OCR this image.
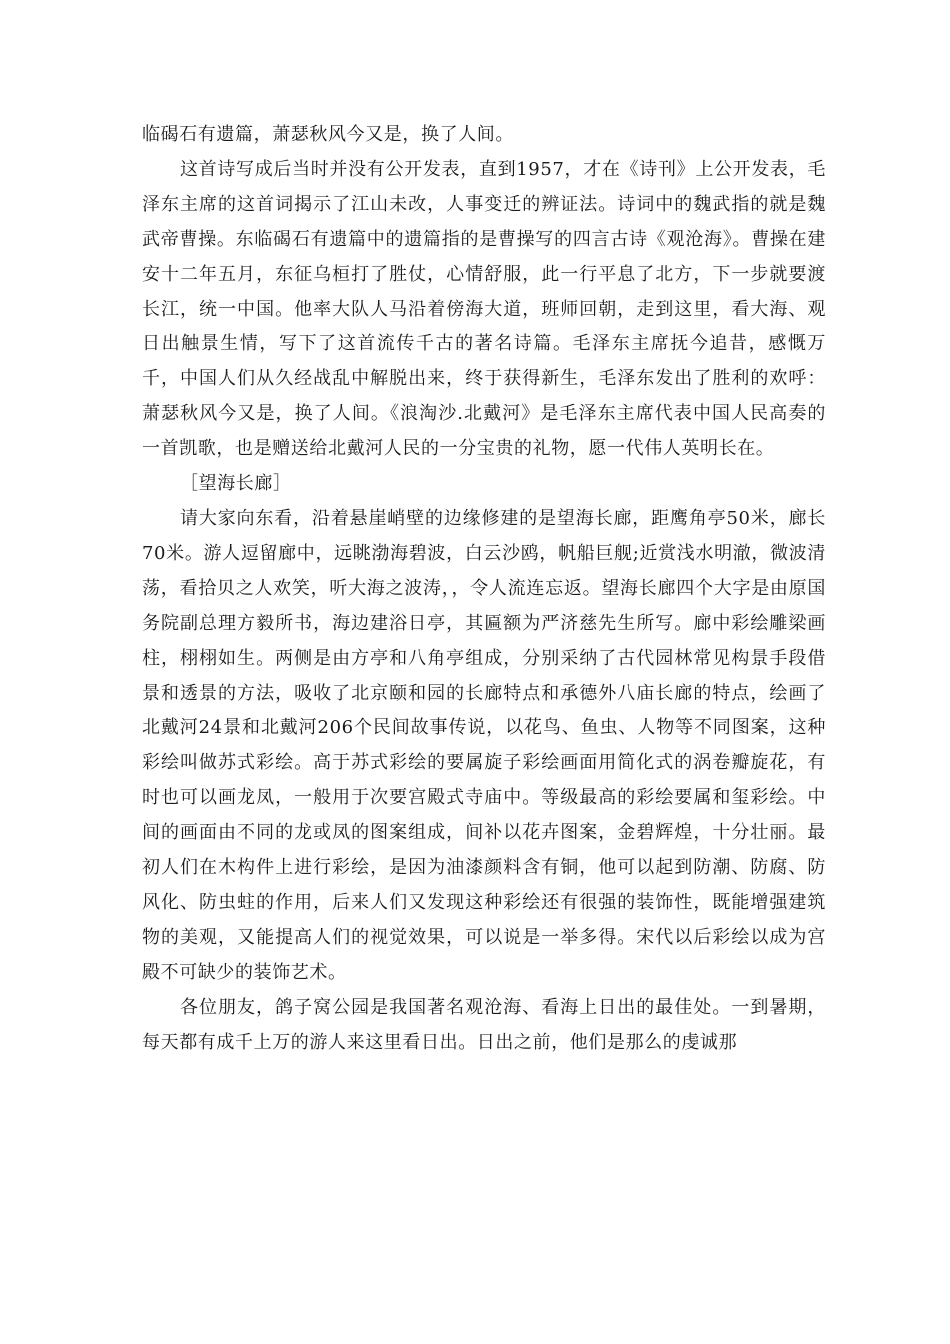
临碣石有遗篇，萧瑟秋风今又是，换了人间。

这首诗写成后当时并没有公开发表，直到1957，才在《诗刊》上公开发表，毛泽东主席的这首词揭示了江山未改，人事变迁的辨证法。诗词中的魏武指的就是魏武帝曹操。东临碣石有遗篇中的遗篇指的是曹操写的四言古诗《观沧海》。曹操在建安十二年五月，东征乌桓打了胜仗，心情舒服，此一行平息了北方，下一步就要渡长江，统一中国。他率大队人马沿着傍海大道，班师回朝，走到这里，看大海、观日出触景生情，写下了这首流传千古的著名诗篇。毛泽东主席抚今追昔，感慨万千，中国人们从久经战乱中解脱出来，终于获得新生，毛泽东发出了胜利的欢呼：萧瑟秋风今又是，换了人间。《浪淘沙.北戴河》是毛泽东主席代表中国人民高奏的一首凯歌，也是赠送给北戴河人民的一分宝贵的礼物，愿一代伟人英明长在。

［望海长廊］

请大家向东看，沿着悬崖峭壁的边缘修建的是望海长廊，距鹰角亭50米，廊长70米。游人逗留廊中，远眺渤海碧波，白云沙鸥，帆船巨舰;近赏浅水明澈，微波清荡，看拾贝之人欢笑，听大海之波涛，，令人流连忘返。望海长廊四个大字是由原国务院副总理方毅所书，海边建浴日亭，其匾额为严济慈先生所写。廊中彩绘雕梁画柱，栩栩如生。两侧是由方亭和八角亭组成，分别采纳了古代园林常见构景手段借景和透景的方法，吸收了北京颐和园的长廊特点和承德外八庙长廊的特点，绘画了北戴河24景和北戴河206个民间故事传说，以花鸟、鱼虫、人物等不同图案，这种彩绘叫做苏式彩绘。高于苏式彩绘的要属旋子彩绘画面用简化式的涡卷瓣旋花，有时也可以画龙凤，一般用于次要宫殿式寺庙中。等级最高的彩绘要属和玺彩绘。中间的画面由不同的龙或凤的图案组成，间补以花卉图案，金碧辉煌，十分壮丽。最初人们在木构件上进行彩绘，是因为油漆颜料含有铜，他可以起到防潮、防腐、防风化、防虫蛀的作用，后来人们又发现这种彩绘还有很强的装饰性，既能增强建筑物的美观，又能提高人们的视觉效果，可以说是一举多得。宋代以后彩绘以成为宫殿不可缺少的装饰艺术。

各位朋友，鸽子窝公园是我国著名观沧海、看海上日出的最佳处。一到暑期，每天都有成千上万的游人来这里看日出。日出之前，他们是那么的虔诚那
